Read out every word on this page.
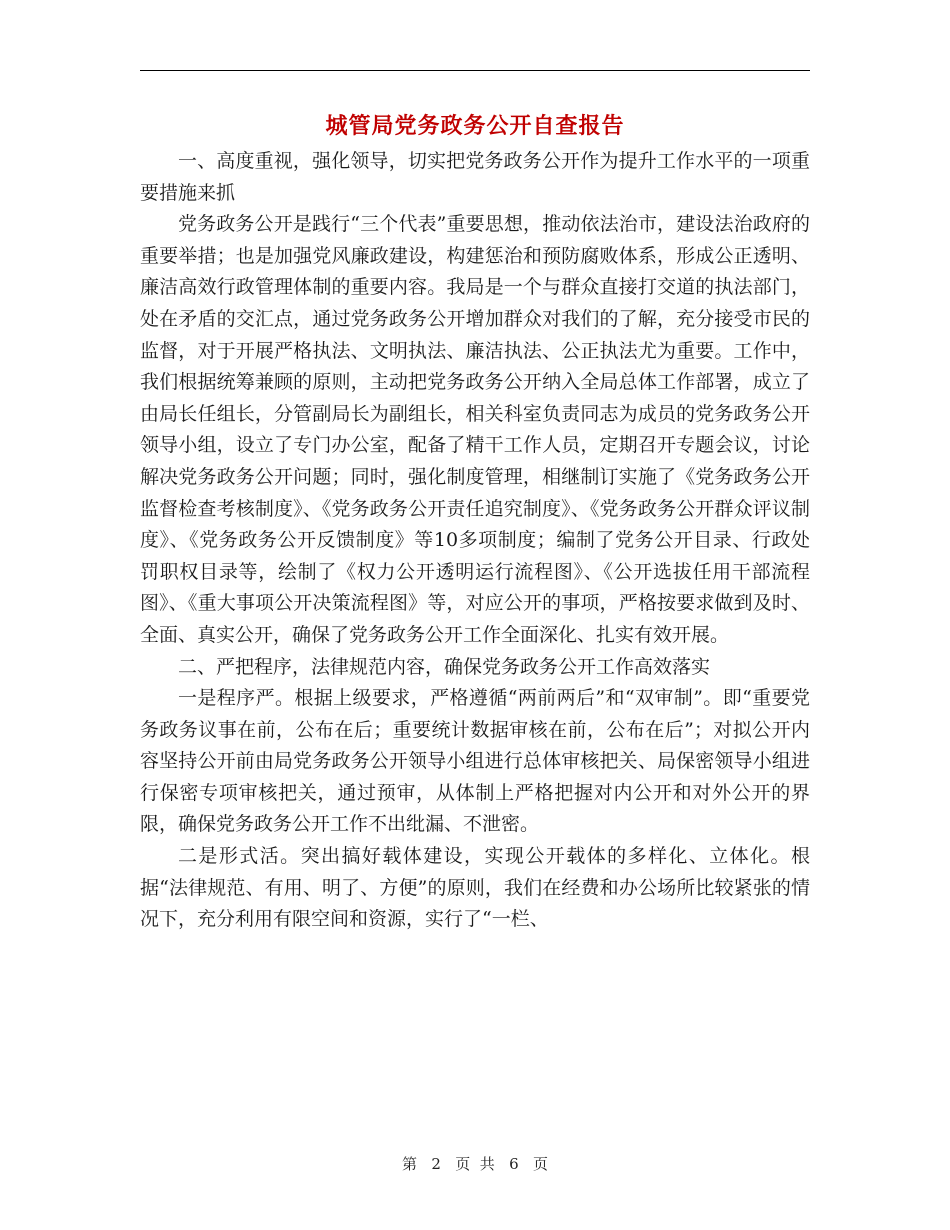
城管局党务政务公开自查报告

一、高度重视，强化领导，切实把党务政务公开作为提升工作水平的一项重要措施来抓

党务政务公开是践行“三个代表”重要思想，推动依法治市，建设法治政府的重要举措；也是加强党风廉政建设，构建惩治和预防腐败体系，形成公正透明、廉洁高效行政管理体制的重要内容。我局是一个与群众直接打交道的执法部门，处在矛盾的交汇点，通过党务政务公开增加群众对我们的了解，充分接受市民的监督，对于开展严格执法、文明执法、廉洁执法、公正执法尤为重要。工作中，我们根据统筹兼顾的原则，主动把党务政务公开纳入全局总体工作部署，成立了由局长任组长，分管副局长为副组长，相关科室负责同志为成员的党务政务公开领导小组，设立了专门办公室，配备了精干工作人员，定期召开专题会议，讨论解决党务政务公开问题；同时，强化制度管理，相继制订实施了《党务政务公开监督检查考核制度》、《党务政务公开责任追究制度》、《党务政务公开群众评议制度》、《党务政务公开反馈制度》等10多项制度；编制了党务公开目录、行政处罚职权目录等，绘制了《权力公开透明运行流程图》、《公开选拔任用干部流程图》、《重大事项公开决策流程图》等，对应公开的事项，严格按要求做到及时、全面、真实公开，确保了党务政务公开工作全面深化、扎实有效开展。

二、严把程序，法律规范内容，确保党务政务公开工作高效落实

一是程序严。根据上级要求，严格遵循“两前两后”和“双审制”。即“重要党务政务议事在前，公布在后；重要统计数据审核在前，公布在后”；对拟公开内容坚持公开前由局党务政务公开领导小组进行总体审核把关、局保密领导小组进行保密专项审核把关，通过预审，从体制上严格把握对内公开和对外公开的界限，确保党务政务公开工作不出纰漏、不泄密。

二是形式活。突出搞好载体建设，实现公开载体的多样化、立体化。根据“法律规范、有用、明了、方便”的原则，我们在经费和办公场所比较紧张的情况下，充分利用有限空间和资源，实行了“一栏、

第 2 页  共 6 页
